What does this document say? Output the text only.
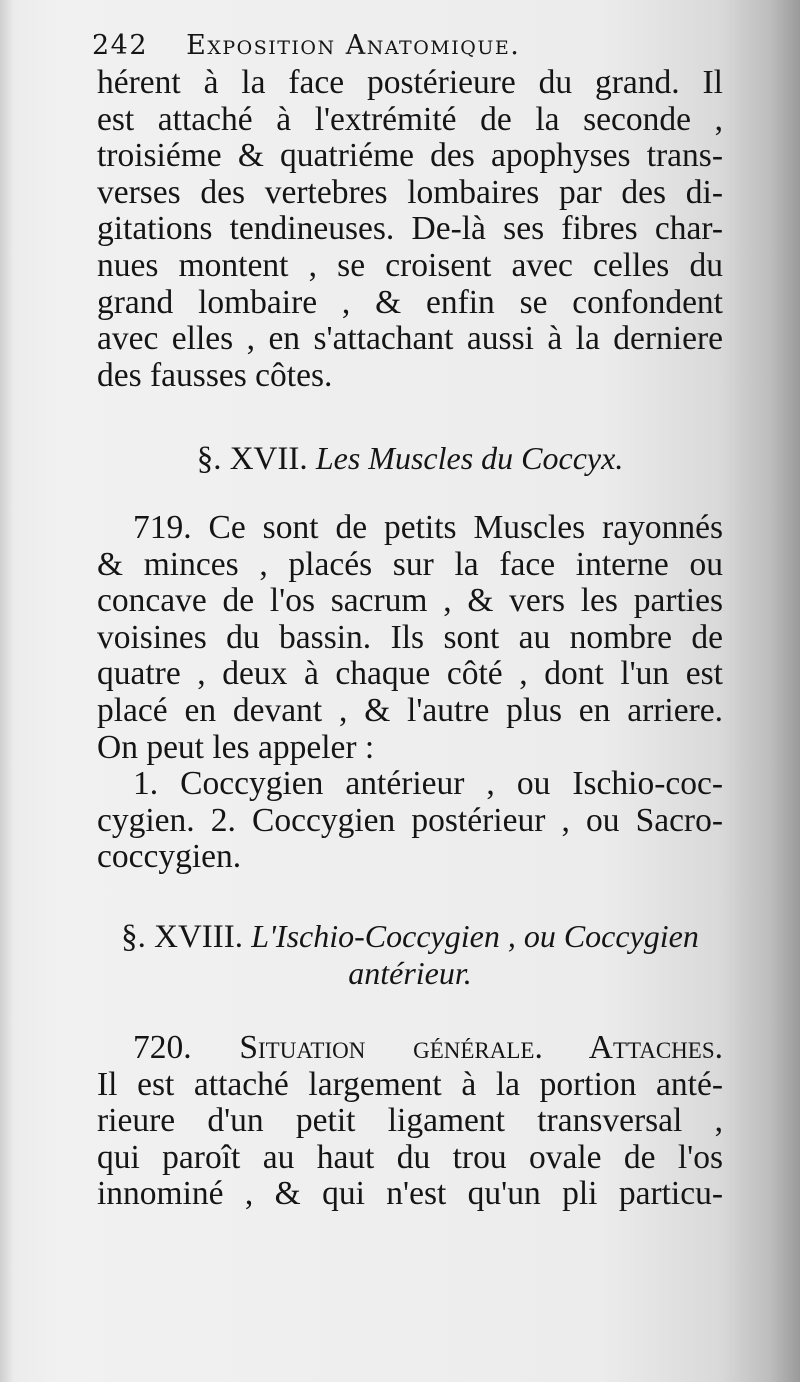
242 Exposition Anatomique.
hérent à la face postérieure du grand. Il
est attaché à l'extrémité de la seconde ,
troisiéme & quatriéme des apophyses trans-
verses des vertebres lombaires par des di-
gitations tendineuses. De-là ses fibres char-
nues montent , se croisent avec celles du
grand lombaire , & enfin se confondent
avec elles , en s'attachant aussi à la derniere
des fausses côtes.
§. XVII. Les Muscles du Coccyx.
719. Ce sont de petits Muscles rayonnés
& minces , placés sur la face interne ou
concave de l'os sacrum , & vers les parties
voisines du bassin. Ils sont au nombre de
quatre , deux à chaque côté , dont l'un est
placé en devant , & l'autre plus en arriere.
On peut les appeler :
1. Coccygien antérieur , ou Ischio-coc-
cygien. 2. Coccygien postérieur , ou Sacro-
coccygien.
§. XVIII. L'Ischio-Coccygien , ou Coccygien
antérieur.
720. Situation générale. Attaches.
Il est attaché largement à la portion anté-
rieure d'un petit ligament transversal ,
qui paroît au haut du trou ovale de l'os
innominé , & qui n'est qu'un pli particu-
